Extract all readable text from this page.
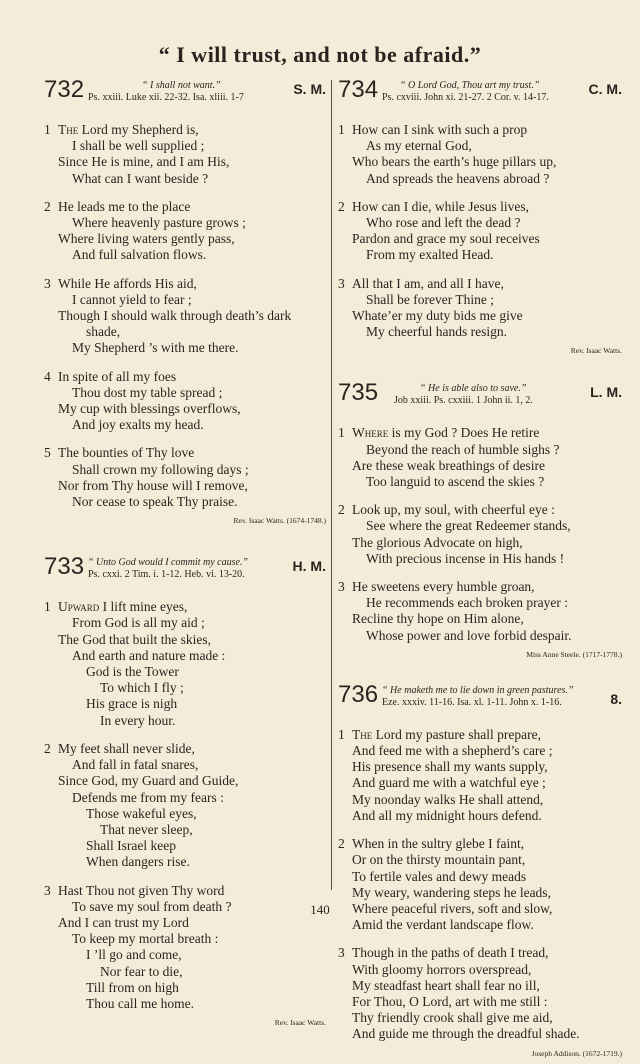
“ I will trust, and not be afraid.”
732	“ I shall not want.”
Ps. xxiii. Luke xii. 22-32. Isa. xliii. 1-7
S. M.
1 The Lord my Shepherd is,
I shall be well supplied ;
Since He is mine, and I am His,
What can I want beside ?
2 He leads me to the place
Where heavenly pasture grows ;
Where living waters gently pass,
And full salvation flows.
3 While He affords His aid,
I cannot yield to fear ;
Though I should walk through death’s dark
shade,
My Shepherd ’s with me there.
4 In spite of all my foes
Thou dost my table spread ;
My cup with blessings overflows,
And joy exalts my head.
5 The bounties of Thy love
Shall crown my following days ;
Nor from Thy house will I remove,
Nor cease to speak Thy praise.
Rev. Isaac Watts. (1674-1748.)
733 “ Unto God would I commit my cause.”
Ps. cxxi. 2 Tim. i. 1-12. Heb. vi. 13-20.
H. M.
1 Upward I lift mine eyes,
From God is all my aid ;
The God that built the skies,
And earth and nature made :
God is the Tower
To which I fly ;
His grace is nigh
In every hour.
2 My feet shall never slide,
And fall in fatal snares,
Since God, my Guard and Guide,
Defends me from my fears :
Those wakeful eyes,
That never sleep,
Shall Israel keep
When dangers rise.
3 Hast Thou not given Thy word
To save my soul from death ?
And I can trust my Lord
To keep my mortal breath :
I ’ll go and come,
Nor fear to die,
Till from on high
Thou call me home.
Rev. Isaac Watts.
734 “ O Lord God, Thou art my trust.”
Ps. cxviii. John xi. 21-27. 2 Cor. v. 14-17.
C. M.
1 How can I sink with such a prop
As my eternal God,
Who bears the earth’s huge pillars up,
And spreads the heavens abroad ?
2 How can I die, while Jesus lives,
Who rose and left the dead ?
Pardon and grace my soul receives
From my exalted Head.
3 All that I am, and all I have,
Shall be forever Thine ;
Whate’er my duty bids me give
My cheerful hands resign.
Rev. Isaac Watts.
735	“ He is able also to save.”
Job xxiii. Ps. cxxiii. 1 John ii. 1, 2.
L. M.
1 Where is my God ? Does He retire
Beyond the reach of humble sighs ?
Are these weak breathings of desire
Too languid to ascend the skies ?
2 Look up, my soul, with cheerful eye :
See where the great Redeemer stands,
The glorious Advocate on high,
With precious incense in His hands !
3 He sweetens every humble groan,
He recommends each broken prayer :
Recline thy hope on Him alone,
Whose power and love forbid despair.
Miss Anne Steele. (1717-1778.)
736 “ He maketh me to lie down in green pastures.”
Eze. xxxiv. 11-16. Isa. xl. 1-11. John x. 1-16.	8.
1 The Lord my pasture shall prepare,
And feed me with a shepherd’s care ;
His presence shall my wants supply,
And guard me with a watchful eye ;
My noonday walks He shall attend,
And all my midnight hours defend.
2 When in the sultry glebe I faint,
Or on the thirsty mountain pant,
To fertile vales and dewy meads
My weary, wandering steps he leads,
Where peaceful rivers, soft and slow,
Amid the verdant landscape flow.
3 Though in the paths of death I tread,
With gloomy horrors overspread,
My steadfast heart shall fear no ill,
For Thou, O Lord, art with me still :
Thy friendly crook shall give me aid,
And guide me through the dreadful shade.
Joseph Addison. (1672-1719.)
140
